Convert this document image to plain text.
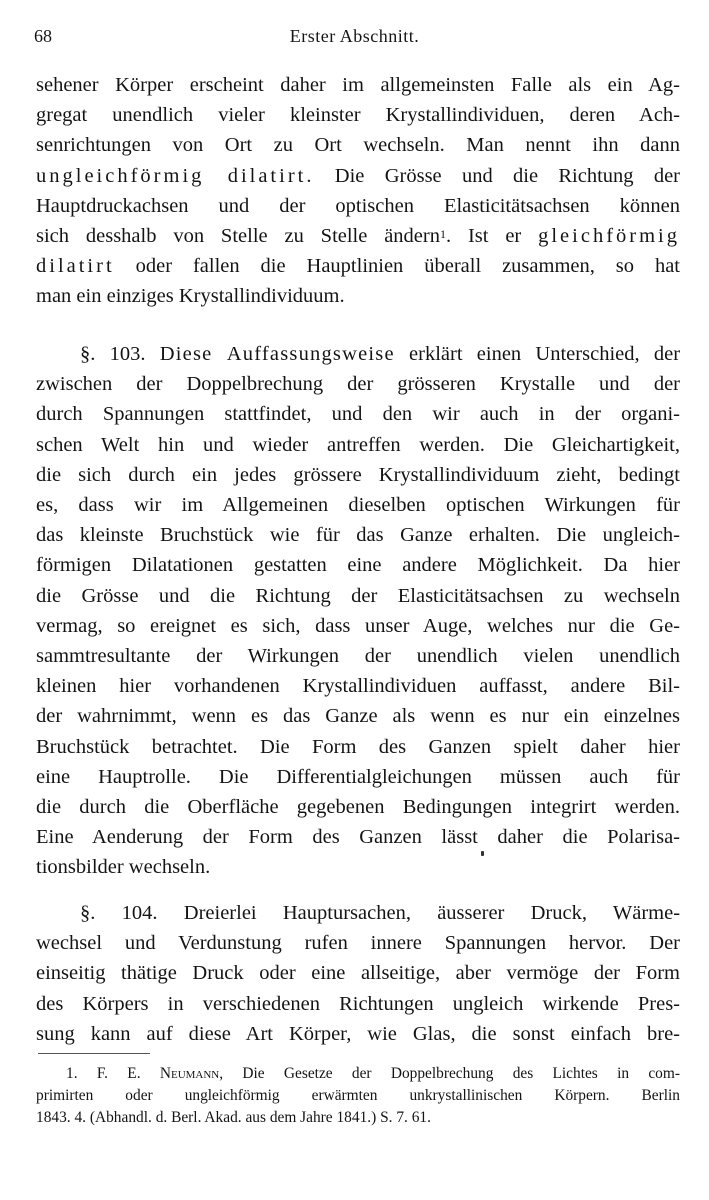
68	Erster Abschnitt.

sehener Körper erscheint daher im allgemeinsten Falle als ein Ag-
gregat unendlich vieler kleinster Krystallindividuen, deren Ach-
senrichtungen von Ort zu Ort wechseln. Man nennt ihn dann
ungleichförmig dilatirt. Die Grösse und die Richtung der
Hauptdruckachsen und der optischen Elasticitätsachsen können
sich desshalb von Stelle zu Stelle ändern$^1$. Ist er gleichförmig
dilatirt oder fallen die Hauptlinien überall zusammen, so hat
man ein einziges Krystallindividuum.

§. 103. Diese Auffassungsweise erklärt einen Unterschied, der
zwischen der Doppelbrechung der grösseren Krystalle und der
durch Spannungen stattfindet, und den wir auch in der organi-
schen Welt hin und wieder antreffen werden. Die Gleichartigkeit,
die sich durch ein jedes grössere Krystallindividuum zieht, bedingt
es, dass wir im Allgemeinen dieselben optischen Wirkungen für
das kleinste Bruchstück wie für das Ganze erhalten. Die ungleich-
förmigen Dilatationen gestatten eine andere Möglichkeit. Da hier
die Grösse und die Richtung der Elasticitätsachsen zu wechseln
vermag, so ereignet es sich, dass unser Auge, welches nur die Ge-
sammtresultante der Wirkungen der unendlich vielen unendlich
kleinen hier vorhandenen Krystallindividuen auffasst, andere Bil-
der wahrnimmt, wenn es das Ganze als wenn es nur ein einzelnes
Bruchstück betrachtet. Die Form des Ganzen spielt daher hier
eine Hauptrolle. Die Differentialgleichungen müssen auch für
die durch die Oberfläche gegebenen Bedingungen integrirt werden.
Eine Aenderung der Form des Ganzen lässt daher die Polarisa-
tionsbilder wechseln.

§. 104. Dreierlei Hauptursachen, äusserer Druck, Wärme-
wechsel und Verdunstung rufen innere Spannungen hervor. Der
einseitig thätige Druck oder eine allseitige, aber vermöge der Form
des Körpers in verschiedenen Richtungen ungleich wirkende Pres-
sung kann auf diese Art Körper, wie Glas, die sonst einfach bre-

1. F. E. Neumann, Die Gesetze der Doppelbrechung des Lichtes in com-
primirten oder ungleichförmig erwärmten unkrystallinischen Körpern. Berlin
1843. 4. (Abhandl. d. Berl. Akad. aus dem Jahre 1841.) S. 7. 61.
